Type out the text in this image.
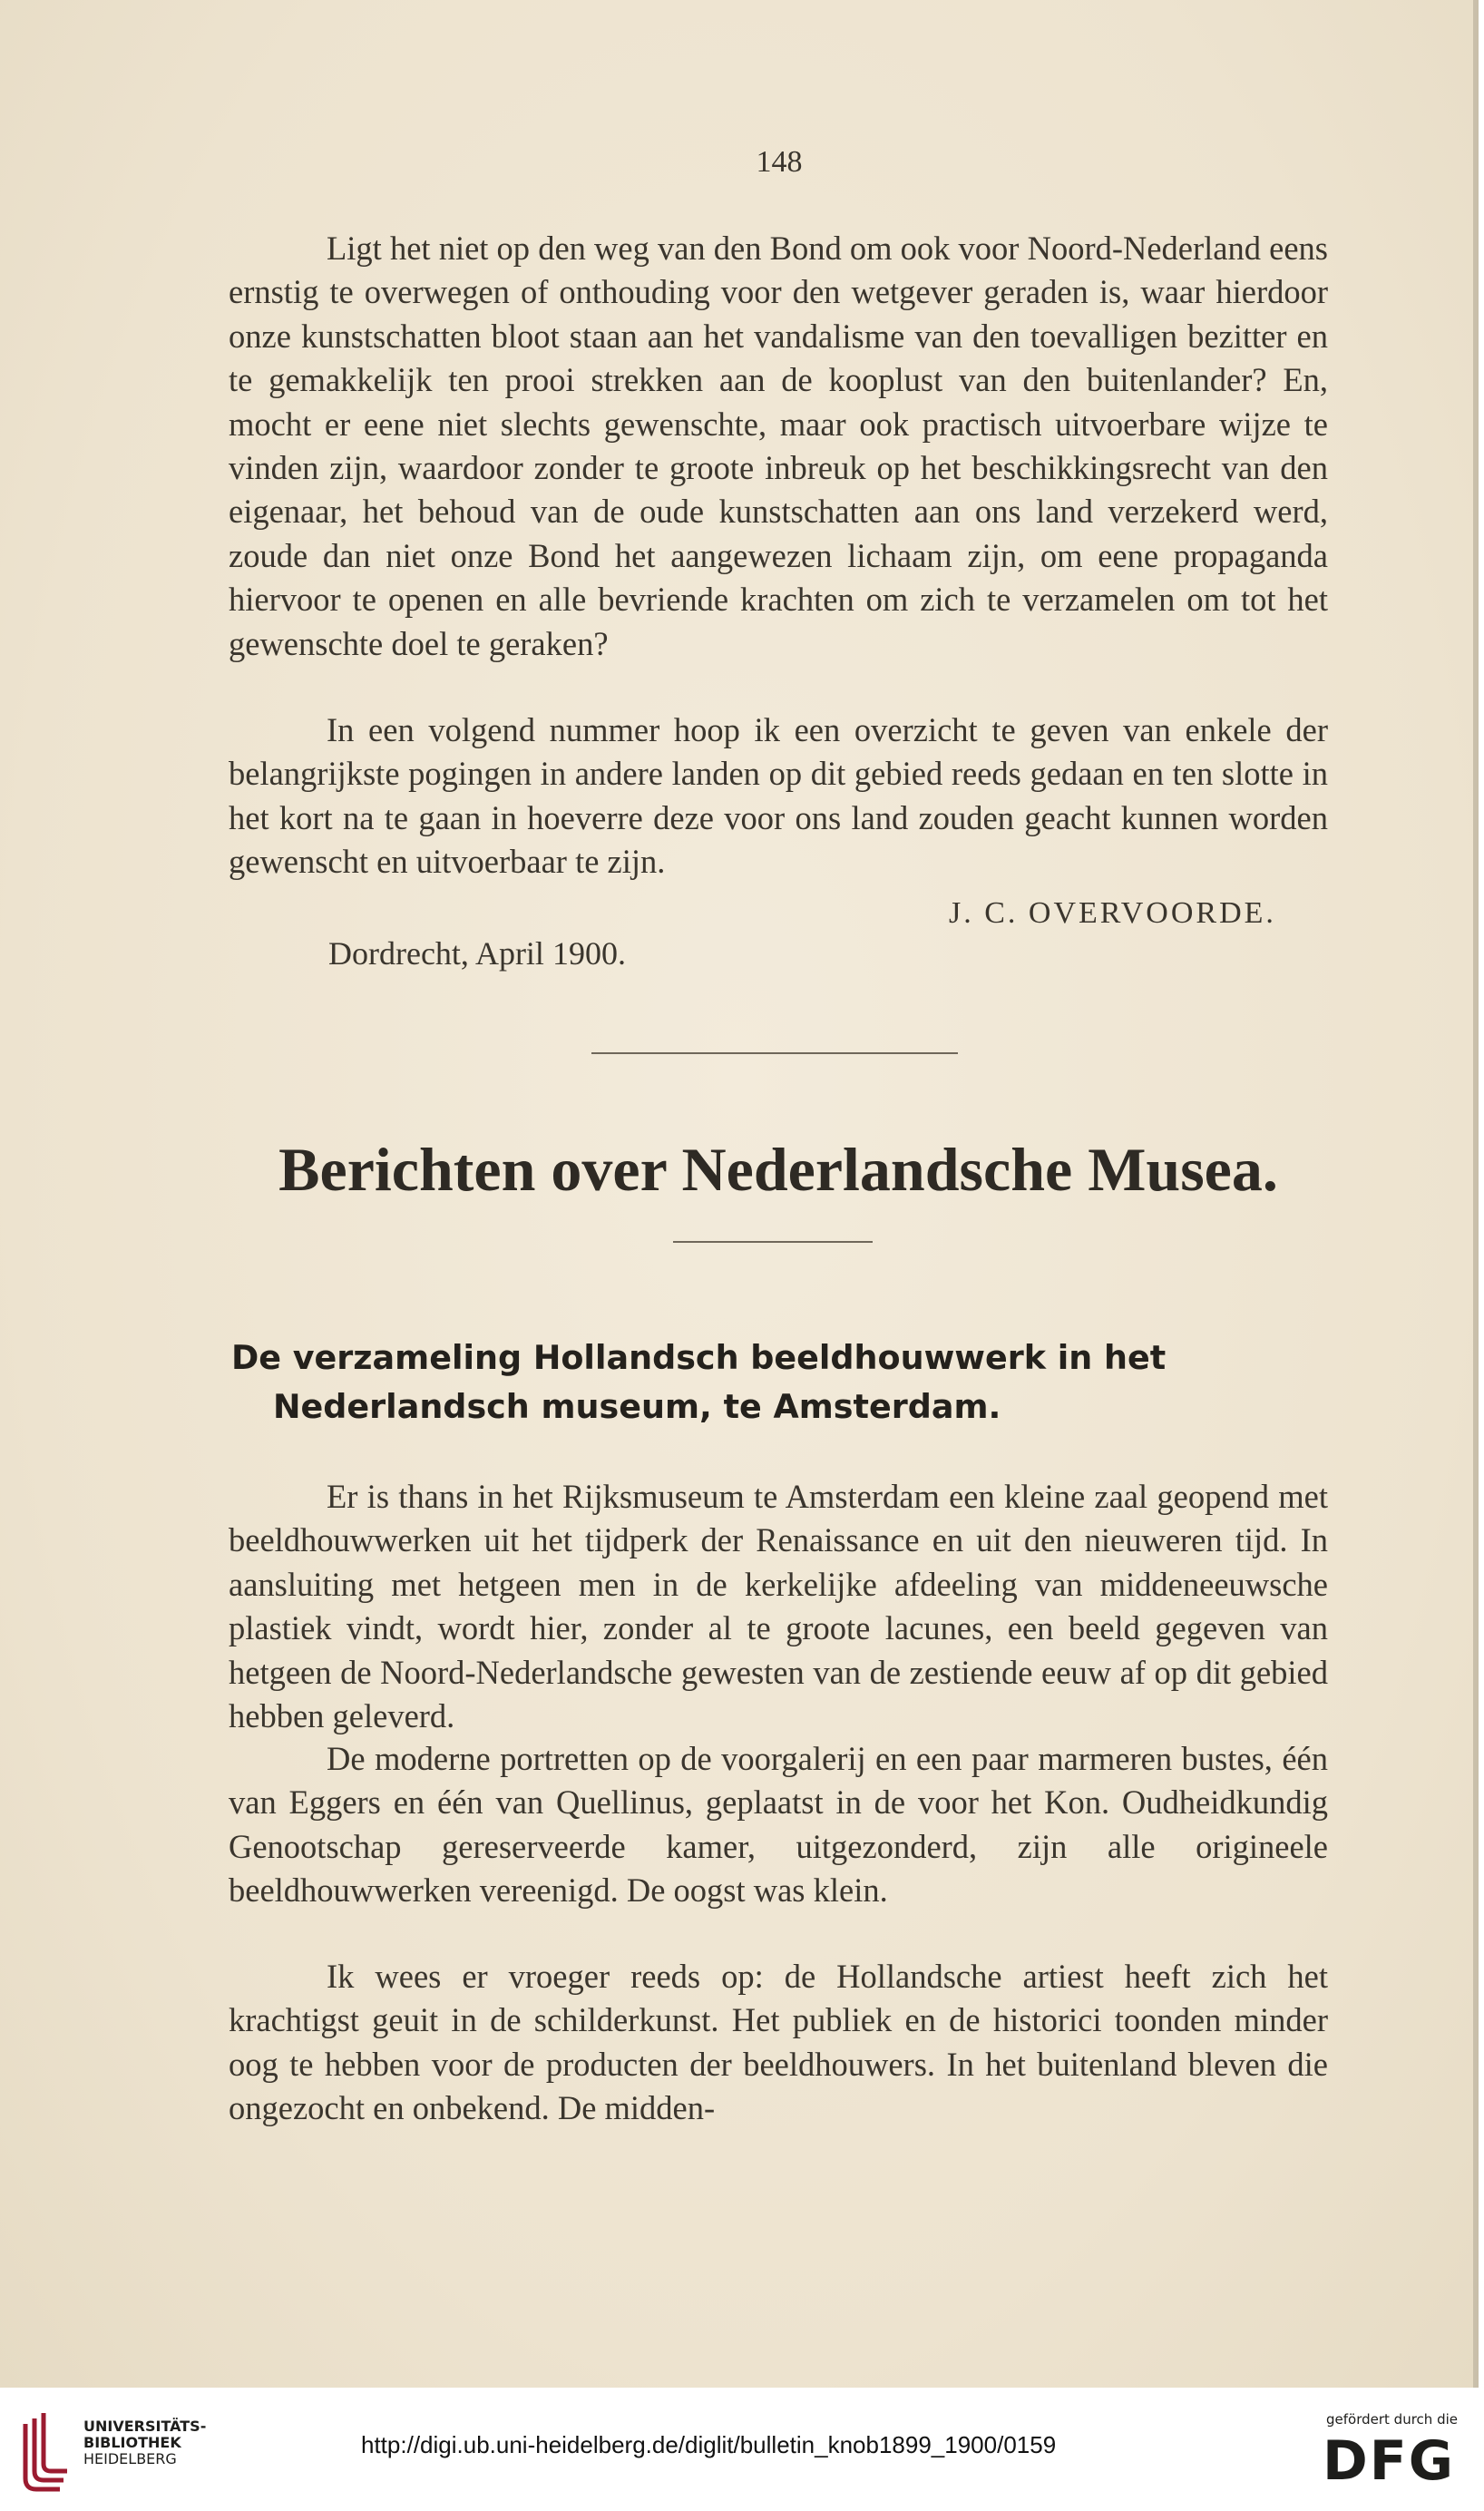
148

Ligt het niet op den weg van den Bond om ook voor Noord-Nederland eens ernstig te overwegen of onthouding voor den wetgever geraden is, waar hierdoor onze kunstschatten bloot staan aan het vandalisme van den toevalligen bezitter en te gemakkelijk ten prooi strekken aan de kooplust van den buitenlander? En, mocht er eene niet slechts gewenschte, maar ook practisch uitvoerbare wijze te vinden zijn, waardoor zonder te groote inbreuk op het beschikkingsrecht van den eigenaar, het behoud van de oude kunstschatten aan ons land verzekerd werd, zoude dan niet onze Bond het aangewezen lichaam zijn, om eene propaganda hiervoor te openen en alle bevriende krachten om zich te verzamelen om tot het gewenschte doel te geraken?

In een volgend nummer hoop ik een overzicht te geven van enkele der belangrijkste pogingen in andere landen op dit gebied reeds gedaan en ten slotte in het kort na te gaan in hoeverre deze voor ons land zouden geacht kunnen worden gewenscht en uitvoerbaar te zijn.

J. C. OVERVOORDE.

Dordrecht, April 1900.

Berichten over Nederlandsche Musea.
De verzameling Hollandsch beeldhouwwerk in het Nederlandsch museum, te Amsterdam.

Er is thans in het Rijksmuseum te Amsterdam een kleine zaal geopend met beeldhouwwerken uit het tijdperk der Renaissance en uit den nieuweren tijd. In aansluiting met hetgeen men in de kerkelijke afdeeling van middeneeuwsche plastiek vindt, wordt hier, zonder al te groote lacunes, een beeld gegeven van hetgeen de Noord-Nederlandsche gewesten van de zestiende eeuw af op dit gebied hebben geleverd.

De moderne portretten op de voorgalerij en een paar marmeren bustes, één van Eggers en één van Quellinus, geplaatst in de voor het Kon. Oudheidkundig Genootschap gereserveerde kamer, uitgezonderd, zijn alle origineele beeldhouwwerken vereenigd. De oogst was klein.

Ik wees er vroeger reeds op: de Hollandsche artiest heeft zich het krachtigst geuit in de schilderkunst. Het publiek en de historici toonden minder oog te hebben voor de producten der beeldhouwers. In het buitenland bleven die ongezocht en onbekend. De midden-

UNIVERSITÄTS-
BIBLIOTHEK
HEIDELBERG
http://digi.ub.uni-heidelberg.de/diglit/bulletin_knob1899_1900/0159
gefördert durch die
DFG
